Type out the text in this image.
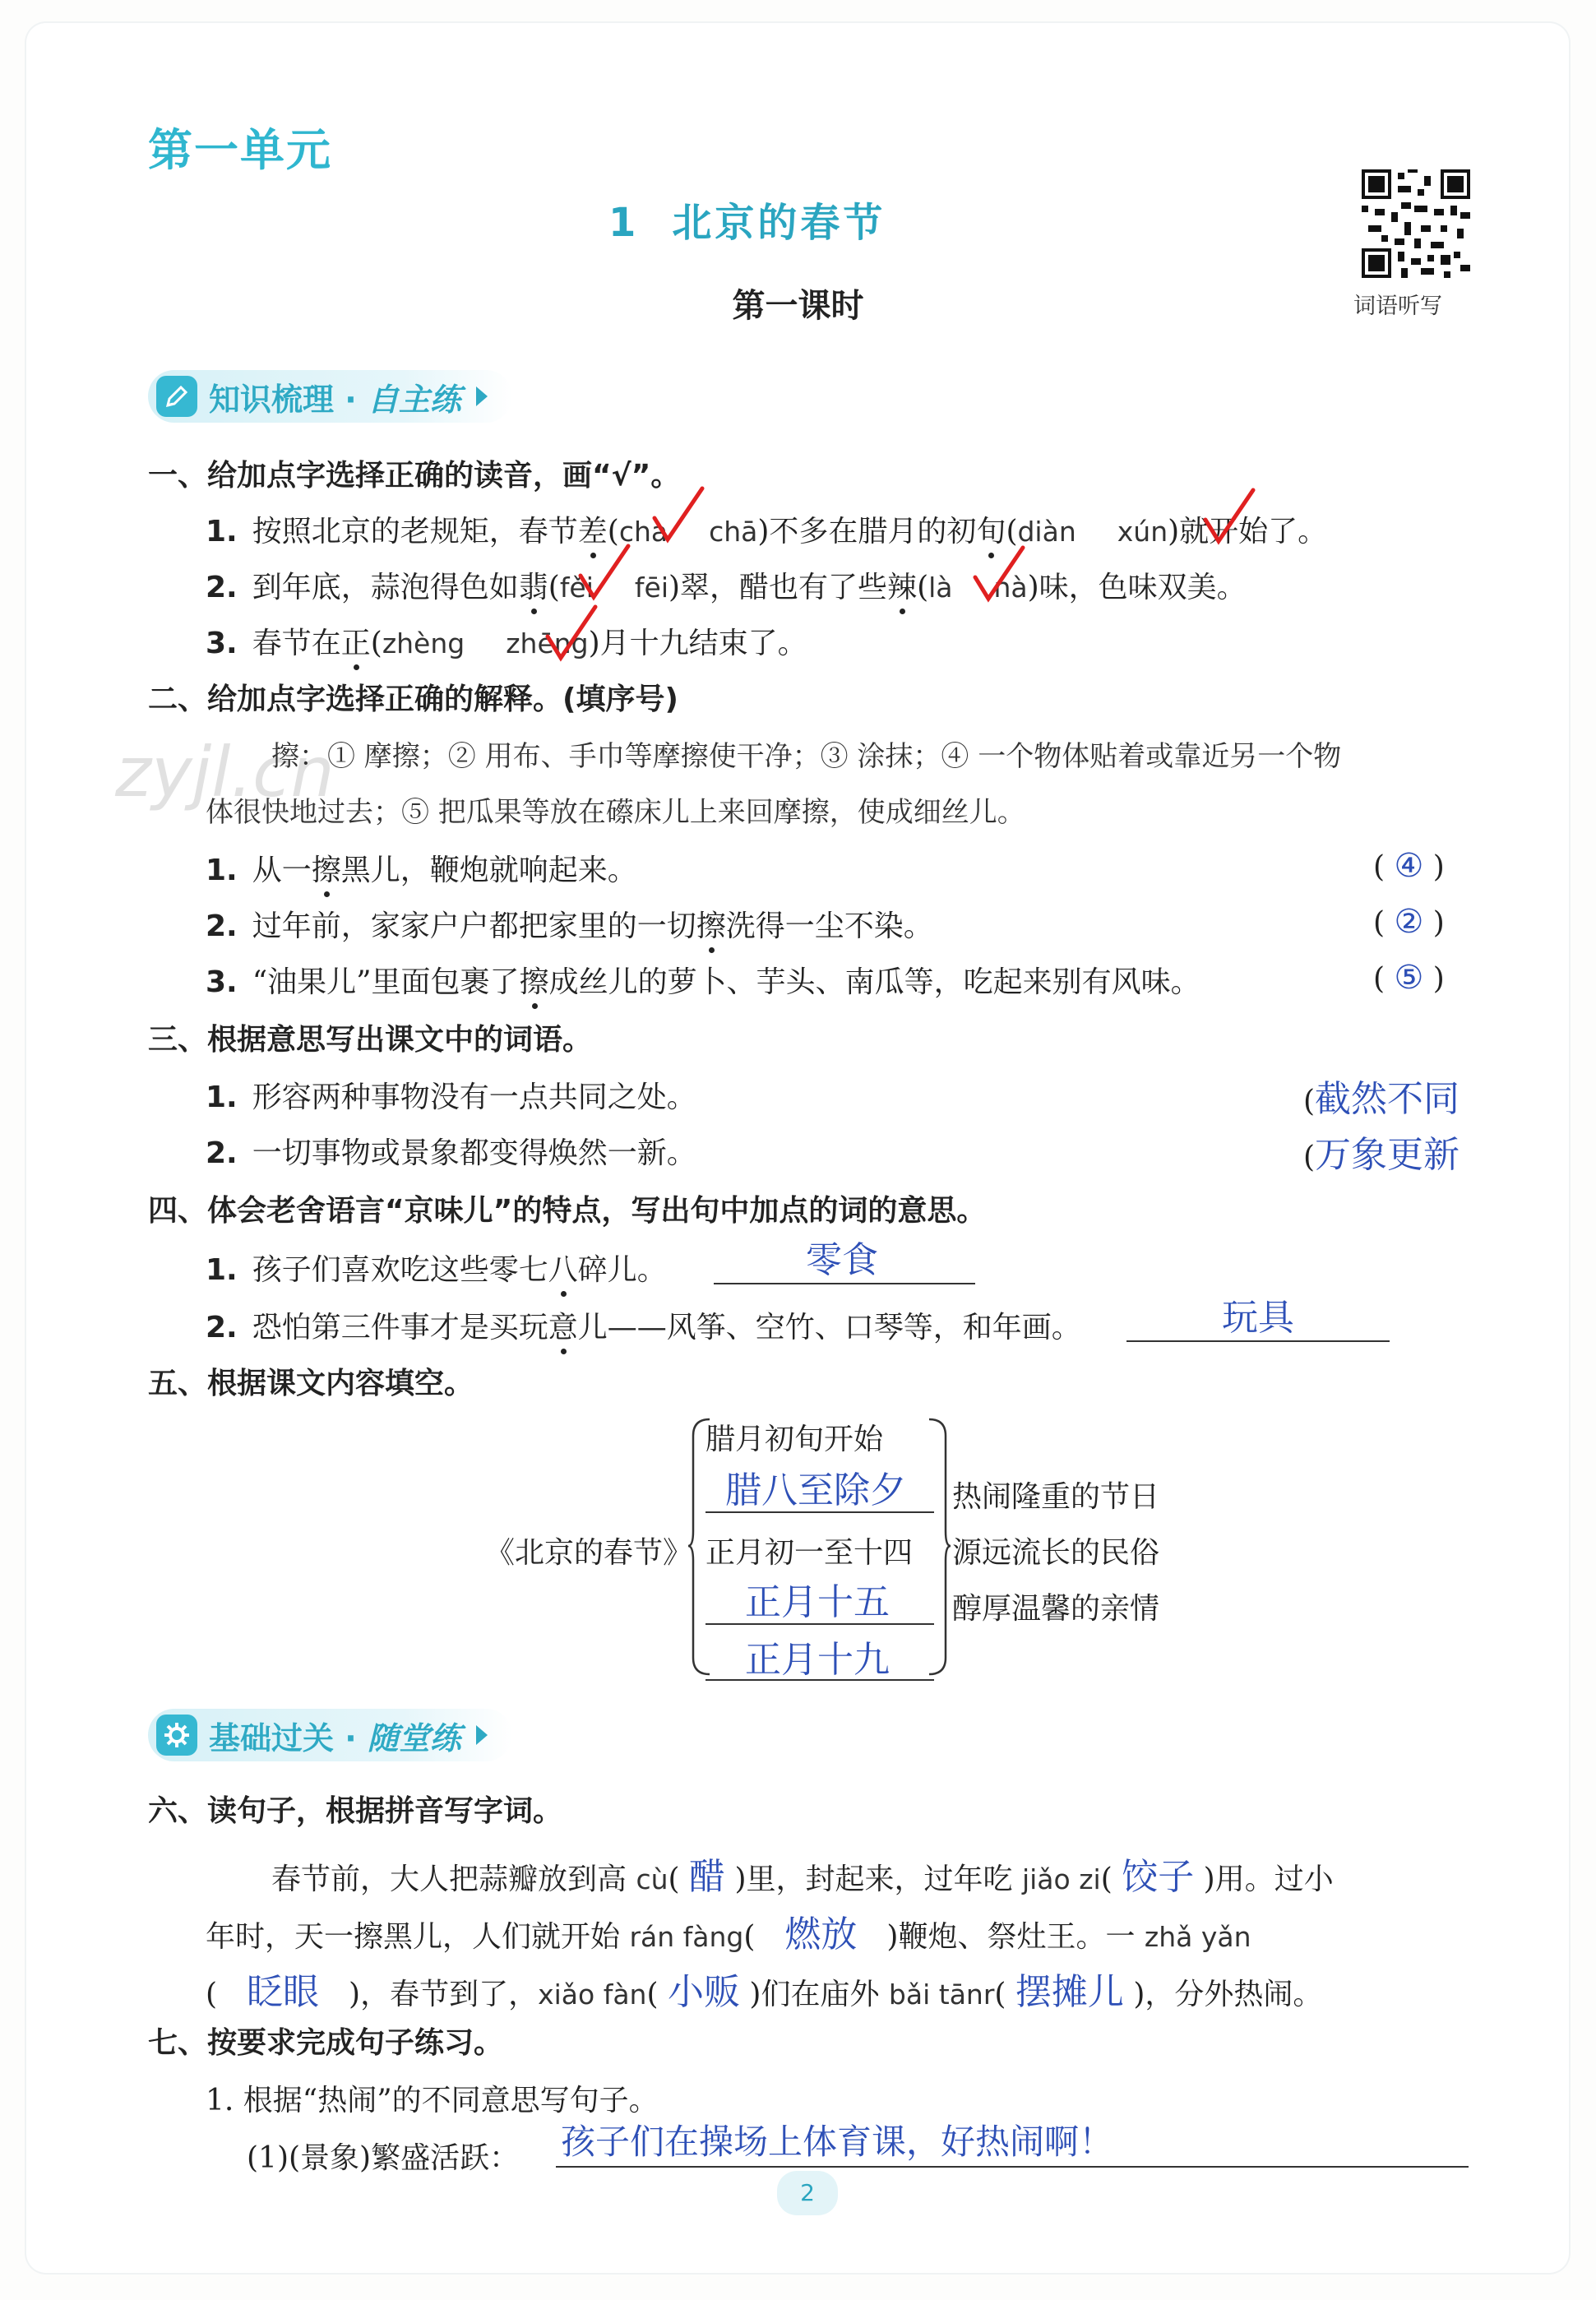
zyjl.cn
第一单元
1 北京的春节
第一课时	词语听写
知识梳理 · 自主练
一、给加点字选择正确的读音，画“√”。
1. 按照北京的老规矩，春节差(chà chā)不多在腊月的初旬(diàn xún)就开始了。
2. 到年底，蒜泡得色如翡(fěi fēi)翠，醋也有了些辣(là nà)味，色味双美。
3. 春节在正(zhèng zhēng)月十九结束了。
二、给加点字选择正确的解释。(填序号)
擦：① 摩擦；② 用布、手巾等摩擦使干净；③ 涂抹；④ 一个物体贴着或靠近另一个物
体很快地过去；⑤ 把瓜果等放在礤床儿上来回摩擦，使成细丝儿。
1. 从一擦黑儿，鞭炮就响起来。	( ④ )
2. 过年前，家家户户都把家里的一切擦洗得一尘不染。	( ② )
3. “油果儿”里面包裹了擦成丝儿的萝卜、芋头、南瓜等，吃起来别有风味。	( ⑤ )
三、根据意思写出课文中的词语。
1. 形容两种事物没有一点共同之处。	(截然不同
2. 一切事物或景象都变得焕然一新。	(万象更新
四、体会老舍语言“京味儿”的特点，写出句中加点的词的意思。
1. 孩子们喜欢吃这些零七八碎儿。	零食
2. 恐怕第三件事才是买玩意儿——风筝、空竹、口琴等，和年画。	玩具
五、根据课文内容填空。
《北京的春节》
腊月初旬开始
腊八至除夕
正月初一至十四
正月十五
正月十九
热闹隆重的节日
源远流长的民俗
醇厚温馨的亲情
基础过关 · 随堂练
六、读句子，根据拼音写字词。
春节前，大人把蒜瓣放到高 cù( 醋 )里，封起来，过年吃 jiǎo zi( 饺子 )用。过小
年时，天一擦黑儿，人们就开始 rán fàng(　燃放　)鞭炮、祭灶王。一 zhǎ yǎn
(　眨眼　)，春节到了，xiǎo fàn( 小贩 )们在庙外 bǎi tānr( 摆摊儿 )，分外热闹。
七、按要求完成句子练习。
1. 根据“热闹”的不同意思写句子。
(1)(景象)繁盛活跃： 孩子们在操场上体育课，好热闹啊！
2
